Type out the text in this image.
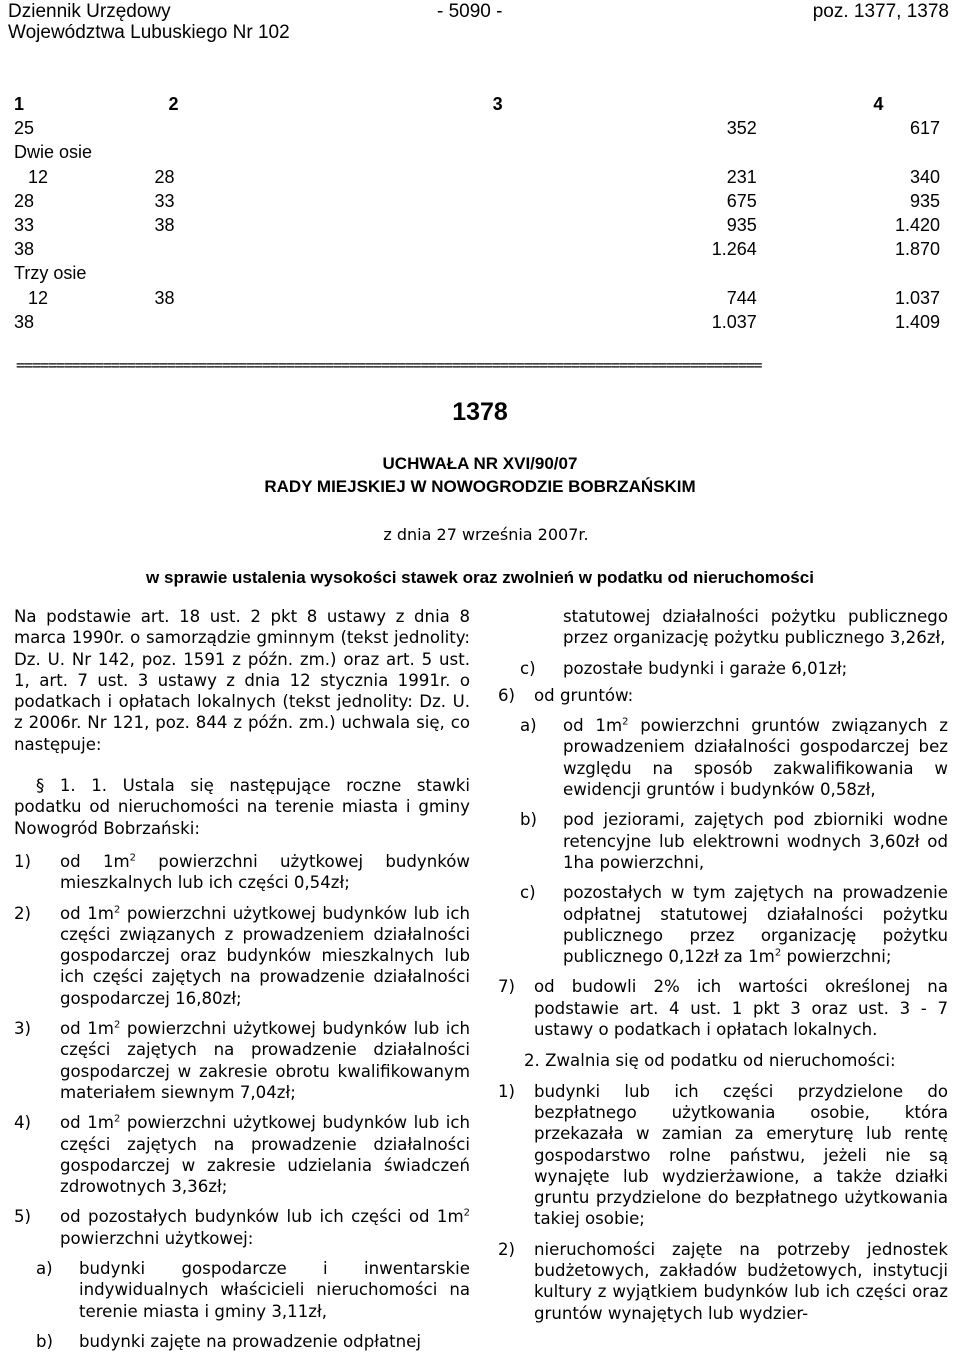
Dziennik Urzędowy
Województwa Lubuskiego Nr 102
- 5090 -	poz. 1377, 1378
1	2	3	4
25		352	617
Dwie osie			
12	28	231	340
28	33	675	935
33	38	935	1.420
38		1.264	1.870
Trzy osie			
12	38	744	1.037
38		1.037	1.409
==============================================================================================
1378
UCHWAŁA NR XVI/90/07
RADY MIEJSKIEJ W NOWOGRODZIE BOBRZAŃSKIM
z dnia 27 września 2007r.
w sprawie ustalenia wysokości stawek oraz zwolnień w podatku od nieruchomości

Na podstawie art. 18 ust. 2 pkt 8 ustawy z dnia 8 marca 1990r. o samorządzie gminnym (tekst jednolity: Dz. U. Nr 142, poz. 1591 z późn. zm.) oraz art. 5 ust. 1, art. 7 ust. 3 ustawy z dnia 12 stycznia 1991r. o podatkach i opłatach lokalnych (tekst jednolity: Dz. U. z 2006r. Nr 121, poz. 844 z późn. zm.) uchwala się, co następuje:

§ 1. 1. Ustala się następujące roczne stawki podatku od nieruchomości na terenie miasta i gminy Nowogród Bobrzański:

1)	od $1m^2$ powierzchni użytkowej budynków mieszkalnych lub ich części 0,54zł;
2)	od $1m^2$ powierzchni użytkowej budynków lub ich części związanych z prowadzeniem działalności gospodarczej oraz budynków mieszkalnych lub ich części zajętych na prowadzenie działalności gospodarczej 16,80zł;
3)	od $1m^2$ powierzchni użytkowej budynków lub ich części zajętych na prowadzenie działalności gospodarczej w zakresie obrotu kwalifikowanym materiałem siewnym 7,04zł;
4)	od $1m^2$ powierzchni użytkowej budynków lub ich części zajętych na prowadzenie działalności gospodarczej w zakresie udzielania świadczeń zdrowotnych 3,36zł;
5)	od pozostałych budynków lub ich części od $1m^2$ powierzchni użytkowej:
a)	budynki gospodarcze i inwentarskie indywidualnych właścicieli nieruchomości na terenie miasta i gminy 3,11zł,
b)	budynki zajęte na prowadzenie odpłatnej

statutowej działalności pożytku publicznego przez organizację pożytku publicznego 3,26zł,

c)	pozostałe budynki i garaże 6,01zł;
6)	od gruntów:
a)	od $1m^2$ powierzchni gruntów związanych z prowadzeniem działalności gospodarczej bez względu na sposób zakwalifikowania w ewidencji gruntów i budynków 0,58zł,
b)	pod jeziorami, zajętych pod zbiorniki wodne retencyjne lub elektrowni wodnych 3,60zł od 1ha powierzchni,
c)	pozostałych w tym zajętych na prowadzenie odpłatnej statutowej działalności pożytku publicznego przez organizację pożytku publicznego 0,12zł za $1m^2$ powierzchni;
7)	od budowli 2% ich wartości określonej na podstawie art. 4 ust. 1 pkt 3 oraz ust. 3 - 7 ustawy o podatkach i opłatach lokalnych.

2. Zwalnia się od podatku od nieruchomości:

1)	budynki lub ich części przydzielone do bezpłatnego użytkowania osobie, która przekazała w zamian za emeryturę lub rentę gospodarstwo rolne państwu, jeżeli nie są wynajęte lub wydzierżawione, a także działki gruntu przydzielone do bezpłatnego użytkowania takiej osobie;
2)	nieruchomości zajęte na potrzeby jednostek budżetowych, zakładów budżetowych, instytucji kultury z wyjątkiem budynków lub ich części oraz gruntów wynajętych lub wydzier-
